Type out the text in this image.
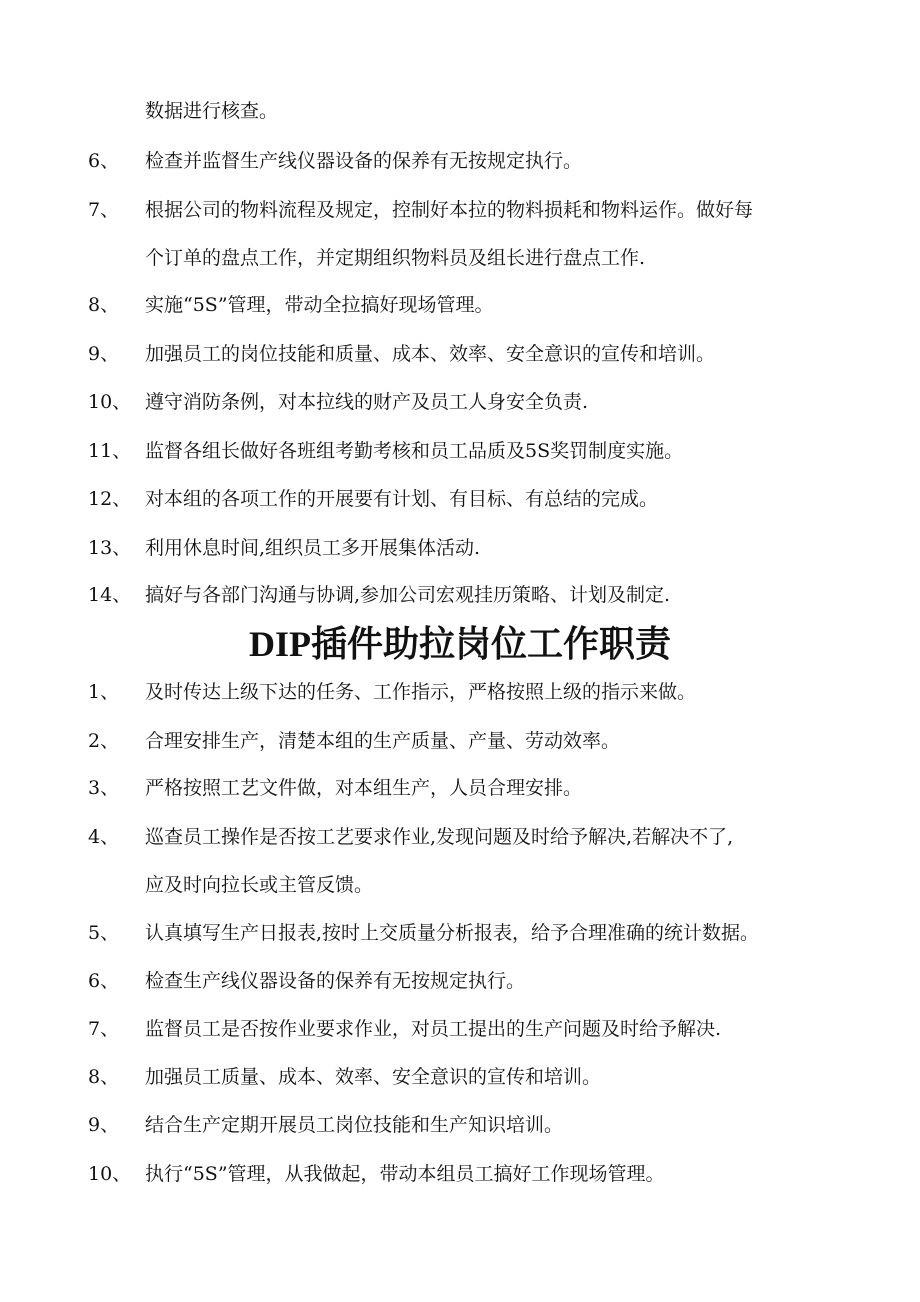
数据进行核查。
6、 检查并监督生产线仪器设备的保养有无按规定执行。
7、 根据公司的物料流程及规定，控制好本拉的物料损耗和物料运作。做好每
个订单的盘点工作，并定期组织物料员及组长进行盘点工作.
8、 实施“5S”管理，带动全拉搞好现场管理。
9、 加强员工的岗位技能和质量、成本、效率、安全意识的宣传和培训。
10、 遵守消防条例，对本拉线的财产及员工人身安全负责.
11、 监督各组长做好各班组考勤考核和员工品质及5S奖罚制度实施。
12、 对本组的各项工作的开展要有计划、有目标、有总结的完成。
13、 利用休息时间,组织员工多开展集体活动.
14、 搞好与各部门沟通与协调,参加公司宏观挂历策略、计划及制定.
DIP插件助拉岗位工作职责
1、 及时传达上级下达的任务、工作指示，严格按照上级的指示来做。
2、 合理安排生产，清楚本组的生产质量、产量、劳动效率。
3、 严格按照工艺文件做，对本组生产，人员合理安排。
4、 巡查员工操作是否按工艺要求作业,发现问题及时给予解决,若解决不了,
应及时向拉长或主管反馈。
5、 认真填写生产日报表,按时上交质量分析报表，给予合理准确的统计数据。
6、 检查生产线仪器设备的保养有无按规定执行。
7、 监督员工是否按作业要求作业，对员工提出的生产问题及时给予解决.
8、 加强员工质量、成本、效率、安全意识的宣传和培训。
9、 结合生产定期开展员工岗位技能和生产知识培训。
10、 执行“5S”管理，从我做起，带动本组员工搞好工作现场管理。
